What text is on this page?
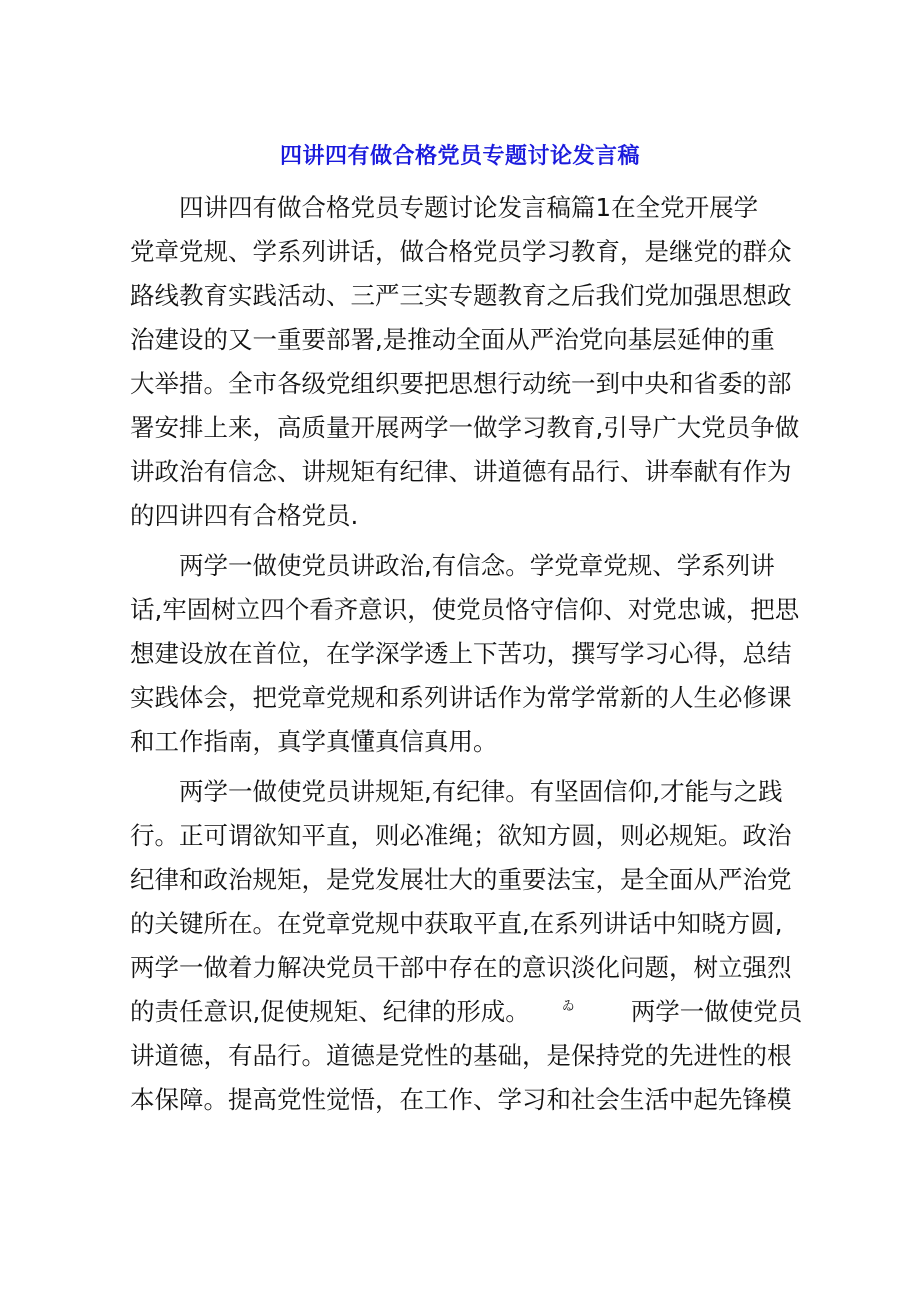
四讲四有做合格党员专题讨论发言稿
　　四讲四有做合格党员专题讨论发言稿篇1在全党开展学
党章党规、学系列讲话，做合格党员学习教育，是继党的群众
路线教育实践活动、三严三实专题教育之后我们党加强思想政
治建设的又一重要部署,是推动全面从严治党向基层延伸的重
大举措。全市各级党组织要把思想行动统一到中央和省委的部
署安排上来，高质量开展两学一做学习教育,引导广大党员争做
讲政治有信念、讲规矩有纪律、讲道德有品行、讲奉献有作为
的四讲四有合格党员.
　　两学一做使党员讲政治,有信念。学党章党规、学系列讲
话,牢固树立四个看齐意识，使党员恪守信仰、对党忠诚，把思
想建设放在首位，在学深学透上下苦功，撰写学习心得，总结
实践体会，把党章党规和系列讲话作为常学常新的人生必修课
和工作指南，真学真懂真信真用。
　　两学一做使党员讲规矩,有纪律。有坚固信仰,才能与之践
行。正可谓欲知平直，则必准绳；欲知方圆，则必规矩。政治
纪律和政治规矩，是党发展壮大的重要法宝，是全面从严治党
的关键所在。在党章党规中获取平直,在系列讲话中知晓方圆,
两学一做着力解决党员干部中存在的意识淡化问题，树立强烈
的责任意识,促使规矩、纪律的形成。 ゐ 两学一做使党员
讲道德，有品行。道德是党性的基础，是保持党的先进性的根
本保障。提高党性觉悟，在工作、学习和社会生活中起先锋模
